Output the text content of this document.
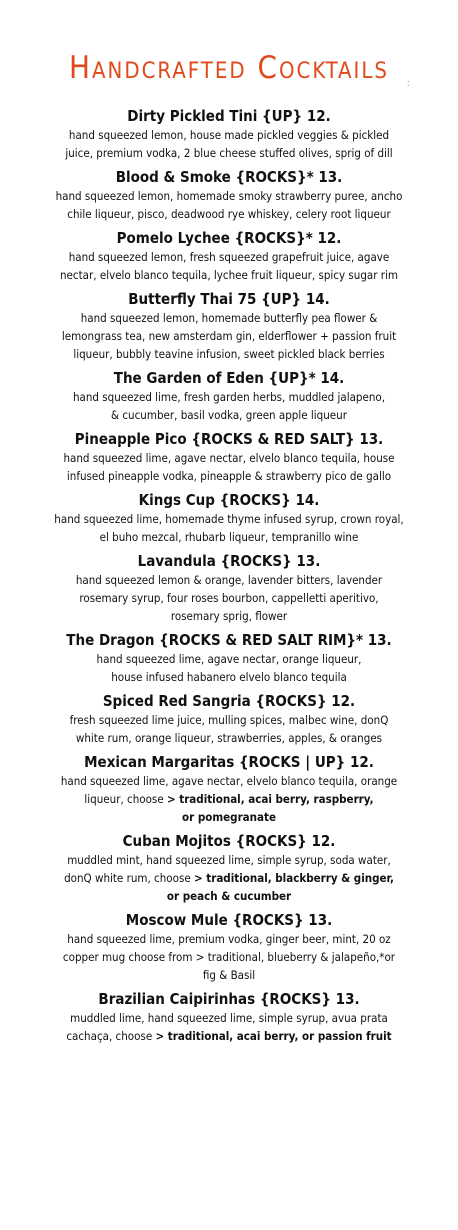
Handcrafted Cocktails	:
Dirty Pickled Tini {UP} 12.
hand squeezed lemon, house made pickled veggies & pickled
juice, premium vodka, 2 blue cheese stuffed olives, sprig of dill
Blood & Smoke {ROCKS}* 13.
hand squeezed lemon, homemade smoky strawberry puree, ancho
chile liqueur, pisco, deadwood rye whiskey, celery root liqueur
Pomelo Lychee {ROCKS}* 12.
hand squeezed lemon, fresh squeezed grapefruit juice, agave
nectar, elvelo blanco tequila, lychee fruit liqueur, spicy sugar rim
Butterfly Thai 75 {UP} 14.
hand squeezed lemon, homemade butterfly pea flower &
lemongrass tea, new amsterdam gin, elderflower + passion fruit
liqueur, bubbly teavine infusion, sweet pickled black berries
The Garden of Eden {UP}* 14.
hand squeezed lime, fresh garden herbs, muddled jalapeno,
& cucumber, basil vodka, green apple liqueur
Pineapple Pico {ROCKS & RED SALT} 13.
hand squeezed lime, agave nectar, elvelo blanco tequila, house
infused pineapple vodka, pineapple & strawberry pico de gallo
Kings Cup {ROCKS} 14.
hand squeezed lime, homemade thyme infused syrup, crown royal,
el buho mezcal, rhubarb liqueur, tempranillo wine
Lavandula {ROCKS} 13.
hand squeezed lemon & orange, lavender bitters, lavender
rosemary syrup, four roses bourbon, cappelletti aperitivo,
rosemary sprig, flower
The Dragon {ROCKS & RED SALT RIM}* 13.
hand squeezed lime, agave nectar, orange liqueur,
house infused habanero elvelo blanco tequila
Spiced Red Sangria {ROCKS} 12.
fresh squeezed lime juice, mulling spices, malbec wine, donQ
white rum, orange liqueur, strawberries, apples, & oranges
Mexican Margaritas {ROCKS | UP} 12.
hand squeezed lime, agave nectar, elvelo blanco tequila, orange
liqueur, choose > traditional, acai berry, raspberry,
or pomegranate
Cuban Mojitos {ROCKS} 12.
muddled mint, hand squeezed lime, simple syrup, soda water,
donQ white rum, choose > traditional, blackberry & ginger,
or peach & cucumber
Moscow Mule {ROCKS} 13.
hand squeezed lime, premium vodka, ginger beer, mint, 20 oz
copper mug choose from > traditional, blueberry & jalapeño,*or
fig & Basil
Brazilian Caipirinhas {ROCKS} 13.
muddled lime, hand squeezed lime, simple syrup, avua prata
cachaça, choose > traditional, acai berry, or passion fruit
